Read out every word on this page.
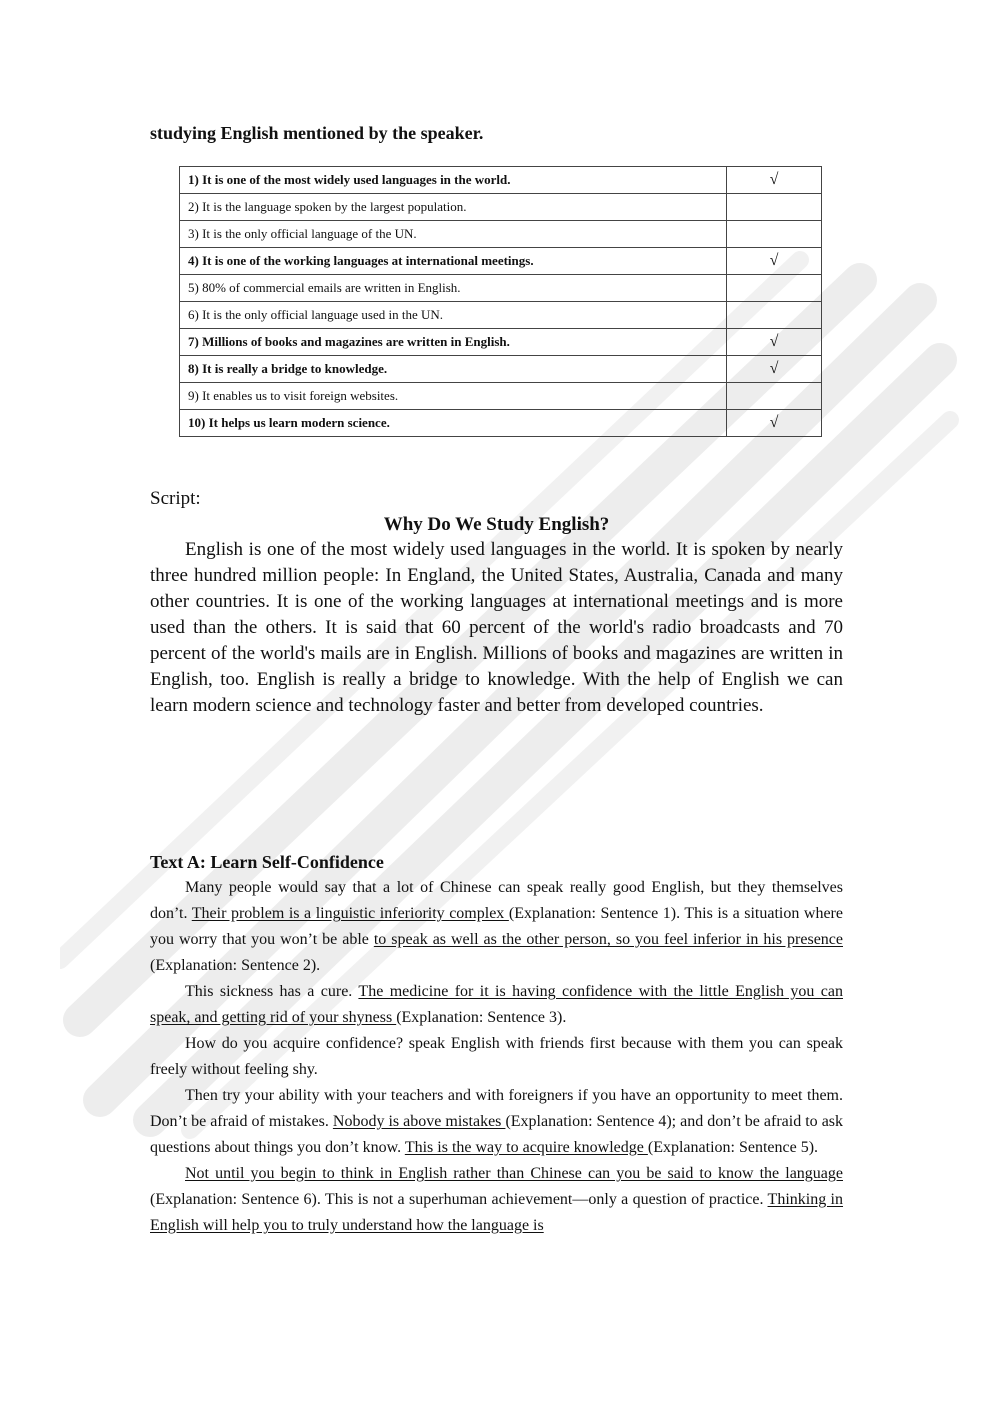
studying English mentioned by the speaker.
1) It is one of the most widely used languages in the world.	√
2) It is the language spoken by the largest population.	
3) It is the only official language of the UN.	
4) It is one of the working languages at international meetings.	√
5) 80% of commercial emails are written in English.	
6) It is the only official language used in the UN.	
7) Millions of books and magazines are written in English.	√
8) It is really a bridge to knowledge.	√
9) It enables us to visit foreign websites.	
10) It helps us learn modern science.	√
Script:
Why Do We Study English?

English is one of the most widely used languages in the world. It is spoken by nearly three hundred million people: In England, the United States, Australia, Canada and many other countries. It is one of the working languages at international meetings and is more used than the others. It is said that 60 percent of the world's radio broadcasts and 70 percent of the world's mails are in English. Millions of books and magazines are written in English, too. English is really a bridge to knowledge. With the help of English we can learn modern science and technology faster and better from developed countries.

Text A: Learn Self-Confidence

Many people would say that a lot of Chinese can speak really good English, but they themselves don’t. Their problem is a linguistic inferiority complex (Explanation: Sentence 1). This is a situation where you worry that you won’t be able to speak as well as the other person, so you feel inferior in his presence (Explanation: Sentence 2).

This sickness has a cure. The medicine for it is having confidence with the little English you can speak, and getting rid of your shyness (Explanation: Sentence 3).

How do you acquire confidence? speak English with friends first because with them you can speak freely without feeling shy.

Then try your ability with your teachers and with foreigners if you have an opportunity to meet them. Don’t be afraid of mistakes. Nobody is above mistakes (Explanation: Sentence 4); and don’t be afraid to ask questions about things you don’t know. This is the way to acquire knowledge (Explanation: Sentence 5).

Not until you begin to think in English rather than Chinese can you be said to know the language (Explanation: Sentence 6). This is not a superhuman achievement—only a question of practice. Thinking in English will help you to truly understand how the language is
